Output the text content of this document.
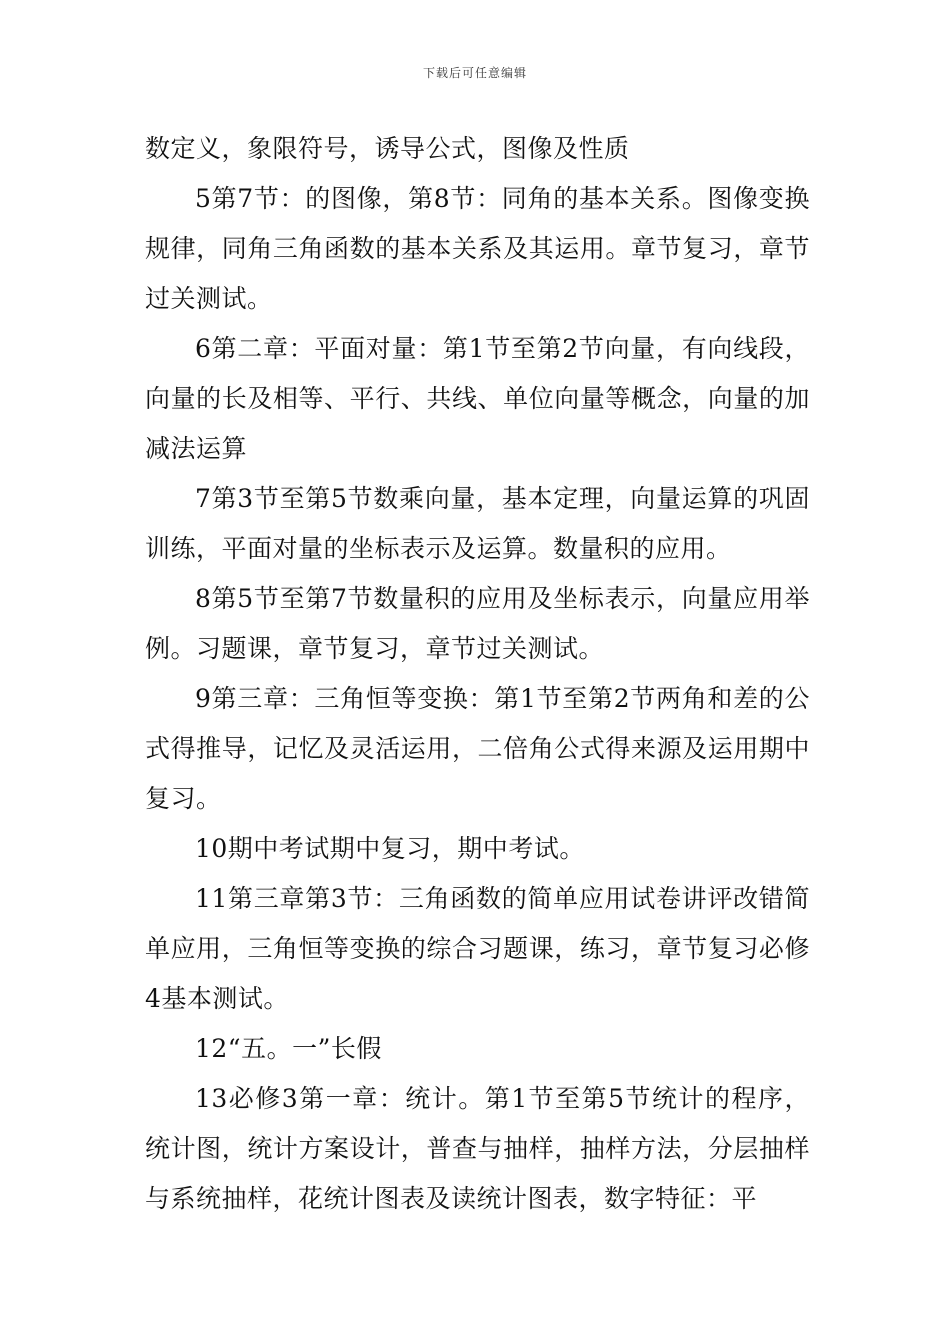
下载后可任意编辑

数定义，象限符号，诱导公式，图像及性质

5第7节：的图像，第8节：同角的基本关系。图像变换规律，同角三角函数的基本关系及其运用。章节复习，章节过关测试。

6第二章：平面对量：第1节至第2节向量，有向线段，向量的长及相等、平行、共线、单位向量等概念，向量的加减法运算

7第3节至第5节数乘向量，基本定理，向量运算的巩固训练，平面对量的坐标表示及运算。数量积的应用。

8第5节至第7节数量积的应用及坐标表示，向量应用举例。习题课，章节复习，章节过关测试。

9第三章：三角恒等变换：第1节至第2节两角和差的公式得推导，记忆及灵活运用，二倍角公式得来源及运用期中复习。

10期中考试期中复习，期中考试。

11第三章第3节：三角函数的简单应用试卷讲评改错简单应用，三角恒等变换的综合习题课，练习，章节复习必修4基本测试。

12“五。一”长假

13必修3第一章：统计。第1节至第5节统计的程序，统计图，统计方案设计，普查与抽样，抽样方法，分层抽样与系统抽样，花统计图表及读统计图表，数字特征：平
